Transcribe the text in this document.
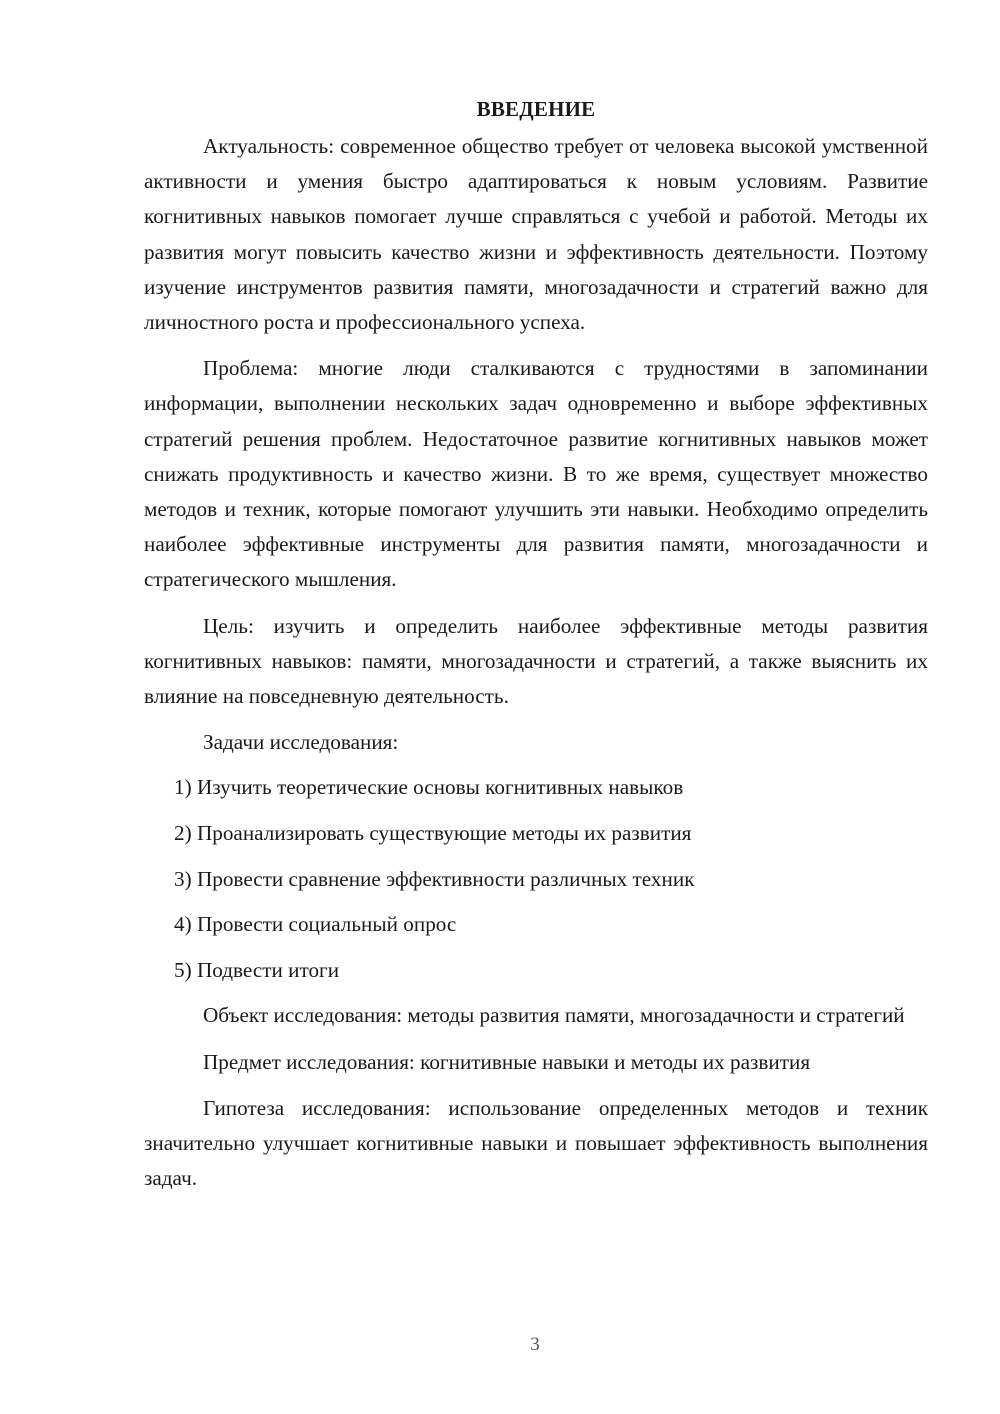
ВВЕДЕНИЕ

Актуальность: современное общество требует от человека высокой умственной активности и умения быстро адаптироваться к новым условиям. Развитие когнитивных навыков помогает лучше справляться с учебой и работой. Методы их развития могут повысить качество жизни и эффективность деятельности. Поэтому изучение инструментов развития памяти, многозадачности и стратегий важно для личностного роста и профессионального успеха.

Проблема: многие люди сталкиваются с трудностями в запоминании информации, выполнении нескольких задач одновременно и выборе эффективных стратегий решения проблем. Недостаточное развитие когнитивных навыков может снижать продуктивность и качество жизни. В то же время, существует множество методов и техник, которые помогают улучшить эти навыки. Необходимо определить наиболее эффективные инструменты для развития памяти, многозадачности и стратегического мышления.

Цель: изучить и определить наиболее эффективные методы развития когнитивных навыков: памяти, многозадачности и стратегий, а также выяснить их влияние на повседневную деятельность.

Задачи исследования:

1) Изучить теоретические основы когнитивных навыков
2) Проанализировать существующие методы их развития
3) Провести сравнение эффективности различных техник
4) Провести социальный опрос
5) Подвести итоги

Объект исследования: методы развития памяти, многозадачности и стратегий

Предмет исследования: когнитивные навыки и методы их развития

Гипотеза исследования: использование определенных методов и техник значительно улучшает когнитивные навыки и повышает эффективность выполнения задач.

3
